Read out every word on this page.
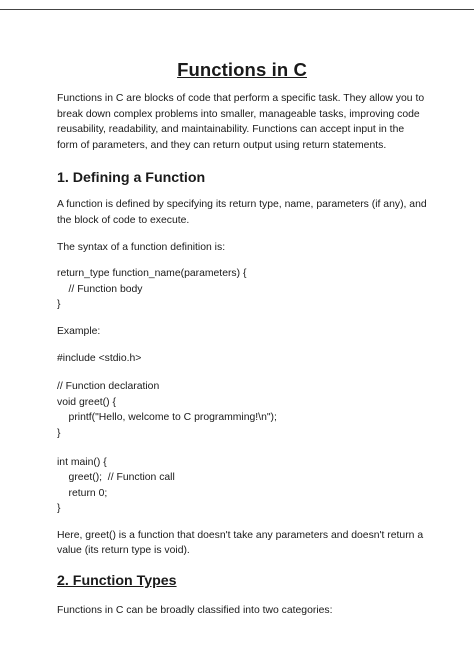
Functions in C

Functions in C are blocks of code that perform a specific task. They allow you to break down complex problems into smaller, manageable tasks, improving code reusability, readability, and maintainability. Functions can accept input in the form of parameters, and they can return output using return statements.

1. Defining a Function

A function is defined by specifying its return type, name, parameters (if any), and the block of code to execute.

The syntax of a function definition is:

return_type function_name(parameters) {
// Function body
}

Example:

#include <stdio.h>
// Function declaration
void greet() {
printf("Hello, welcome to C programming!\n");
}
int main() {
greet();  // Function call
return 0;
}

Here, greet() is a function that doesn't take any parameters and doesn't return a value (its return type is void).

2. Function Types

Functions in C can be broadly classified into two categories:
